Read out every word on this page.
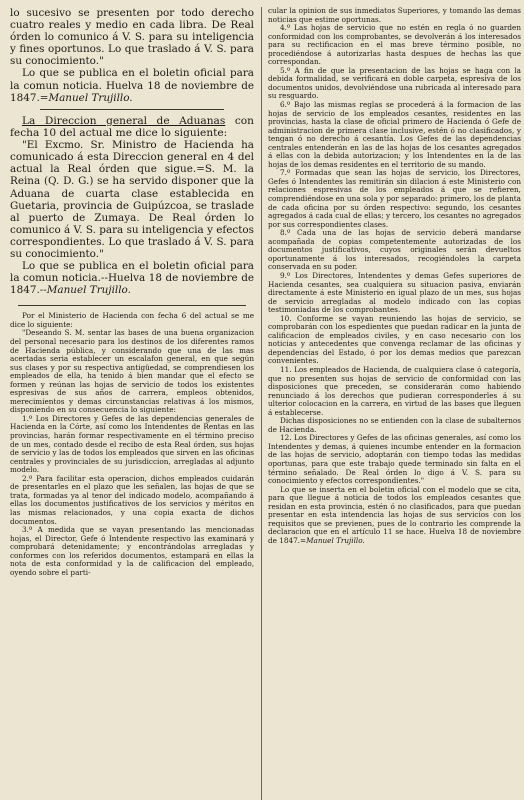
lo sucesivo se presenten por todo derecho cuatro reales y medio en cada libra. De Real órden lo comunico á V. S. para su inteligencia y fines oportunos. Lo que traslado á V. S. para su conocimiento."

Lo que se publica en el boletin oficial para la comun noticia. Huelva 18 de noviembre de 1847.=Manuel Trujillo.

La Direccion general de Aduanas con fecha 10 del actual me dice lo siguiente:

"El Excmo. Sr. Ministro de Hacienda ha comunicado á esta Direccion general en 4 del actual la Real órden que sigue.=S. M. la Reina (Q. D. G.) se ha servido disponer que la Aduana de cuarta clase establecida en Guetaria, provincia de Guipúzcoa, se traslade al puerto de Zumaya. De Real órden lo comunico á V. S. para su inteligencia y efectos correspondientes. Lo que traslado á V. S. para su conocimiento."

Lo que se publica en el boletin oficial para la comun noticia.--Huelva 18 de noviembre de 1847.--Manuel Trujillo.

Por el Ministerio de Hacienda con fecha 6 del actual se me dice lo siguiente:

"Deseando S. M. sentar las bases de una buena organizacion del personal necesario para los destinos de los diferentes ramos de Hacienda pública, y considerando que una de las mas acertadas seria establecer un escalafon general, en que según sus clases y por su respectiva antigüedad, se comprendiesen los empleados de ella, ha tenido á bien mandar que el efecto se formen y reúnan las hojas de servicio de todos los existentes espresivas de sus años de carrera, empleos obtenidos, merecimientos y demas circunstancias relativas á los mismos, disponiendo en su consecuencia lo siguiente:

1.º Los Directores y Gefes de las dependencias generales de Hacienda en la Córte, así como los Intendentes de Rentas en las provincias, harán formar respectivamente en el término preciso de un mes, contado desde el recibo de esta Real órden, sus hojas de servicio y las de todos los empleados que sirven en las oficinas centrales y provinciales de su jurisdiccion, arregladas al adjunto modelo.

2.º Para facilitar esta operacion, dichos empleados cuidarán de presentarles en el plazo que les señalen, las hojas de que se trata, formadas ya al tenor del indicado modelo, acompañando á ellas los documentos justificativos de los servicios y méritos en las mismas relacionados, y una copia exacta de dichos documentos.

3.º A medida que se vayan presentando las mencionadas hojas, el Director, Gefe ó Intendente respectivo las examinará y comprobará detenidamente; y encontrándolas arregladas y conformes con los referidos documentos, estampará en ellas la nota de esta conformidad y la de calificacion del empleado, oyendo sobre el parti-

cular la opinion de sus inmediatos Superiores, y tomando las demas noticias que estime oportunas.

4.º Las hojas de servicio que no estén en regla ó no guarden conformidad con los comprobantes, se devolverán á los interesados para su rectificacion en el mas breve término posible, no procediéndose á autorizarlas hasta despues de hechas las que correspondan.

5.º A fin de que la presentacion de las hojas se haga con la debida formalidad, se verificará en doble carpeta, espresiva de los documentos unidos, devolviéndose una rubricada al interesado para su resguardo.

6.º Bajo las mismas reglas se procederá á la formacion de las hojas de servicio de los empleados cesantes, residentes en las provincias, hasta la clase de oficial primero de Hacienda ó Gefe de administracion de primera clase inclusive, estén ó no clasificados, y tengan ó no derecho á cesantía. Los Gefes de las dependencias centrales entenderán en las de las hojas de los cesantes agregados á ellas con la debida autorizacion; y los Intendentes en la de las hojas de los demas residentes en el territorio de su mando.

7.º Formadas que sean las hojas de servicio, los Directores, Gefes ó Intendentes las remitirán sin dilacion á este Ministerio con relaciones espresivas de los empleados á que se refieren, comprendiéndose en una sola y por separado: primero, los de planta de cada oficina por su órden respectivo: segundo, los cesantes agregados á cada cual de ellas; y tercero, los cesantes no agregados por sus correspondientes clases.

8.º Cada una de las hojas de servicio deberá mandarse acompañada de copias competentemente autorizadas de los documentos justificativos, cuyos originales serán devueltos oportunamente á los interesados, recogiéndoles la carpeta conservada en su poder.

9.º Los Directores, Intendentes y demas Gefes superiores de Hacienda cesantes, sea cualquiera su situacion pasiva, enviarán directamente á este Ministerio en igual plazo de un mes, sus hojas de servicio arregladas al modelo indicado con las copias testimoniadas de los comprobantes.

10. Conforme se vayan reuniendo las hojas de servicio, se comprobarán con los espedientes que puedan radicar en la junta de calificacion de empleados civiles, y en caso necesario con los noticias y antecedentes que convenga reclamar de las oficinas y dependencias del Estado, ó por los demas medios que parezcan convenientes.

11. Los empleados de Hacienda, de cualquiera clase ó categoría, que no presenten sus hojas de servicio de conformidad con las disposiciones que preceden, se considerarán como habiendo renunciado á los derechos que pudieran corresponderles á su ulterior colocacion en la carrera, en virtud de las bases que lleguen á establecerse.

Dichas disposiciones no se entienden con la clase de subalternos de Hacienda.

12. Los Directores y Gefes de las oficinas generales, así como los Intendentes y demas, á quienes incumbe entender en la formacion de las hojas de servicio, adoptarán con tiempo todas las medidas oportunas, para que este trabajo quede terminado sin falta en el término señalado. De Real órden lo digo á V. S. para su conocimiento y efectos correspondientes."

Lo que se inserta en el boletin oficial con el modelo que se cita, para que llegue á noticia de todos los empleados cesantes que residan en esta provincia, estén ó no clasificados, para que puedan presentar en esta intendencia las hojas de sus servicios con los requisitos que se previenen, pues de lo contrario les comprende la declaracion que en el artículo 11 se hace. Huelva 18 de noviembre de 1847.=Manuel Trujillo.
